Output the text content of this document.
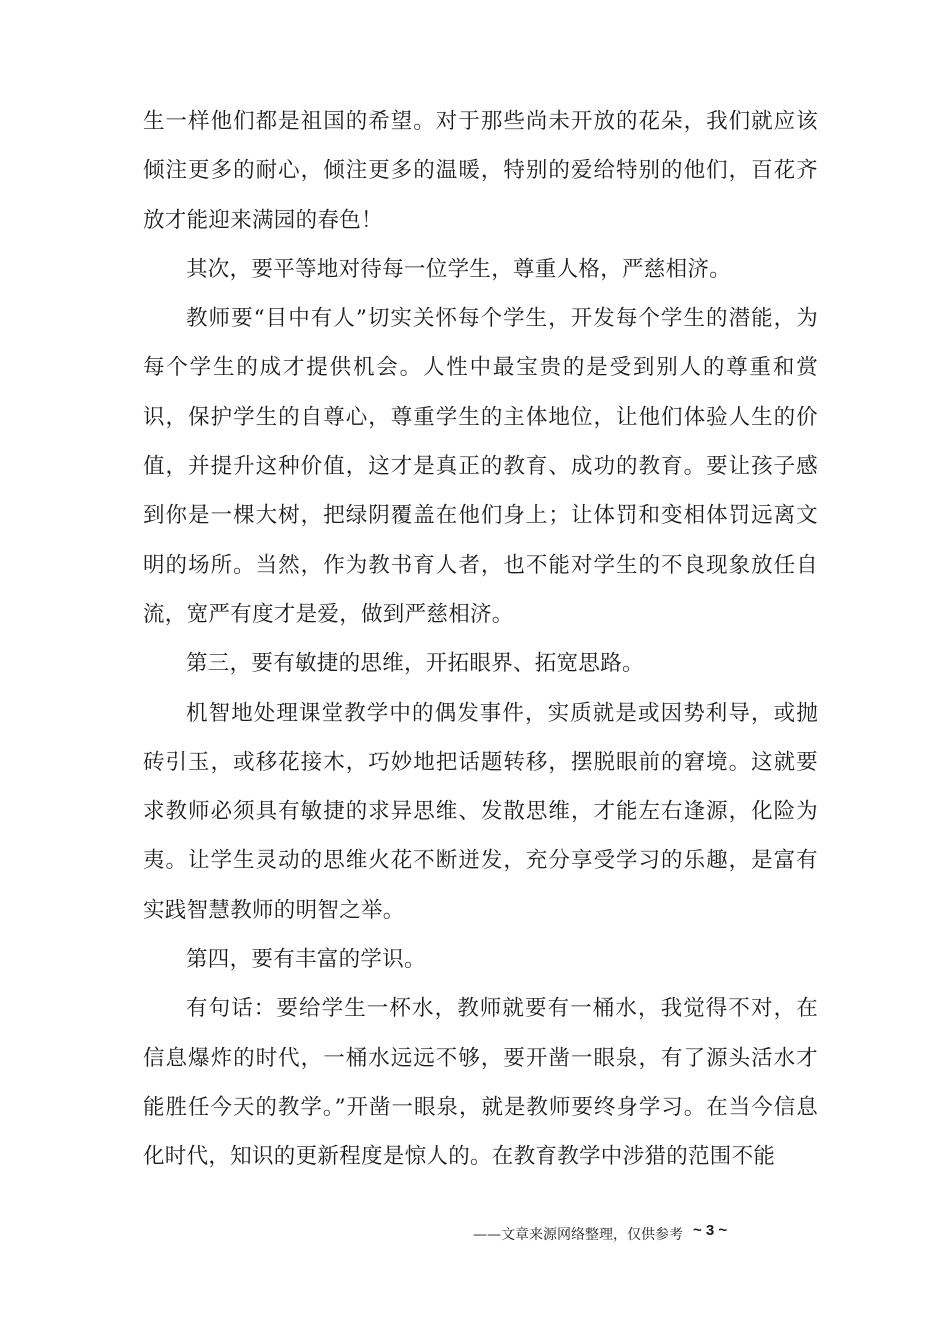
生一样他们都是祖国的希望。对于那些尚未开放的花朵，我们就应该倾注更多的耐心，倾注更多的温暖，特别的爱给特别的他们，百花齐放才能迎来满园的春色！

其次，要平等地对待每一位学生，尊重人格，严慈相济。

教师要“目中有人”切实关怀每个学生，开发每个学生的潜能，为每个学生的成才提供机会。人性中最宝贵的是受到别人的尊重和赏识，保护学生的自尊心，尊重学生的主体地位，让他们体验人生的价值，并提升这种价值，这才是真正的教育、成功的教育。要让孩子感到你是一棵大树，把绿阴覆盖在他们身上；让体罚和变相体罚远离文明的场所。当然，作为教书育人者，也不能对学生的不良现象放任自流，宽严有度才是爱，做到严慈相济。

第三，要有敏捷的思维，开拓眼界、拓宽思路。

机智地处理课堂教学中的偶发事件，实质就是或因势利导，或抛砖引玉，或移花接木，巧妙地把话题转移，摆脱眼前的窘境。这就要求教师必须具有敏捷的求异思维、发散思维，才能左右逢源，化险为夷。让学生灵动的思维火花不断迸发，充分享受学习的乐趣，是富有实践智慧教师的明智之举。

第四，要有丰富的学识。

有句话：要给学生一杯水，教师就要有一桶水，我觉得不对，在信息爆炸的时代，一桶水远远不够，要开凿一眼泉，有了源头活水才能胜任今天的教学。”开凿一眼泉，就是教师要终身学习。在当今信息化时代，知识的更新程度是惊人的。在教育教学中涉猎的范围不能

——文章来源网络整理，仅供参考 ~ 3 ~
